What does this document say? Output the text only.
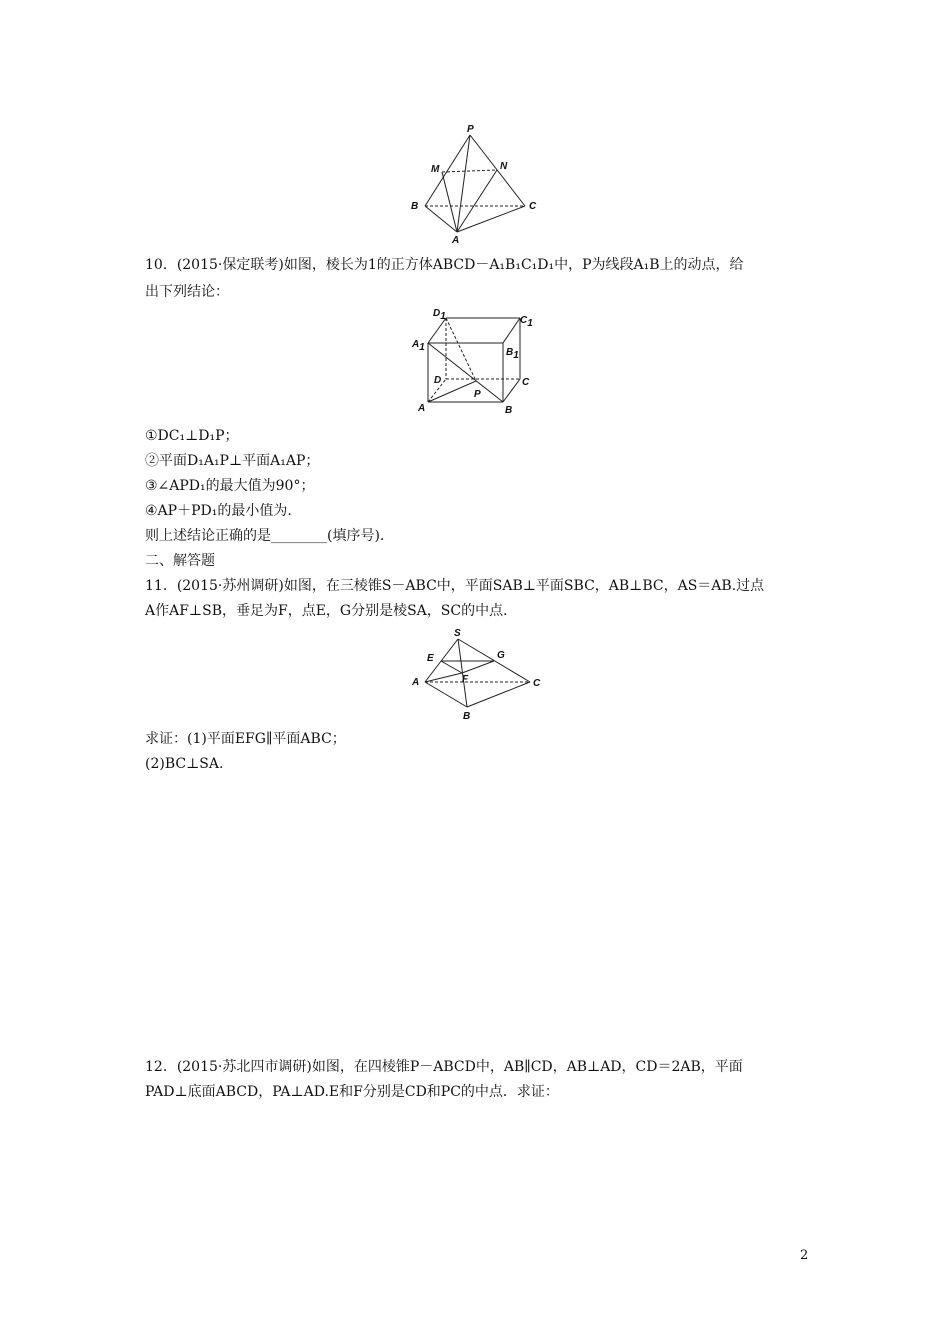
P
M	N
B	C
A
10．(2015·保定联考)如图，棱长为1的正方体ABCD－A₁B₁C₁D₁中，P为线段A₁B上的动点，给
出下列结论：
D1	C1
A1	B1
D	C
A
P
B
①DC₁⊥D₁P；
②平面D₁A₁P⊥平面A₁AP；
③∠APD₁的最大值为90°；
④AP＋PD₁的最小值为.
则上述结论正确的是________(填序号)．
二、解答题
11．(2015·苏州调研)如图，在三棱锥S－ABC中，平面SAB⊥平面SBC，AB⊥BC，AS＝AB.过点
A作AF⊥SB，垂足为F，点E，G分别是棱SA，SC的中点．
S
E	G
A	F	C
B
求证：(1)平面EFG∥平面ABC；
(2)BC⊥SA.
12．(2015·苏北四市调研)如图，在四棱锥P－ABCD中，AB∥CD，AB⊥AD，CD＝2AB，平面
PAD⊥底面ABCD，PA⊥AD.E和F分别是CD和PC的中点．求证：
2
